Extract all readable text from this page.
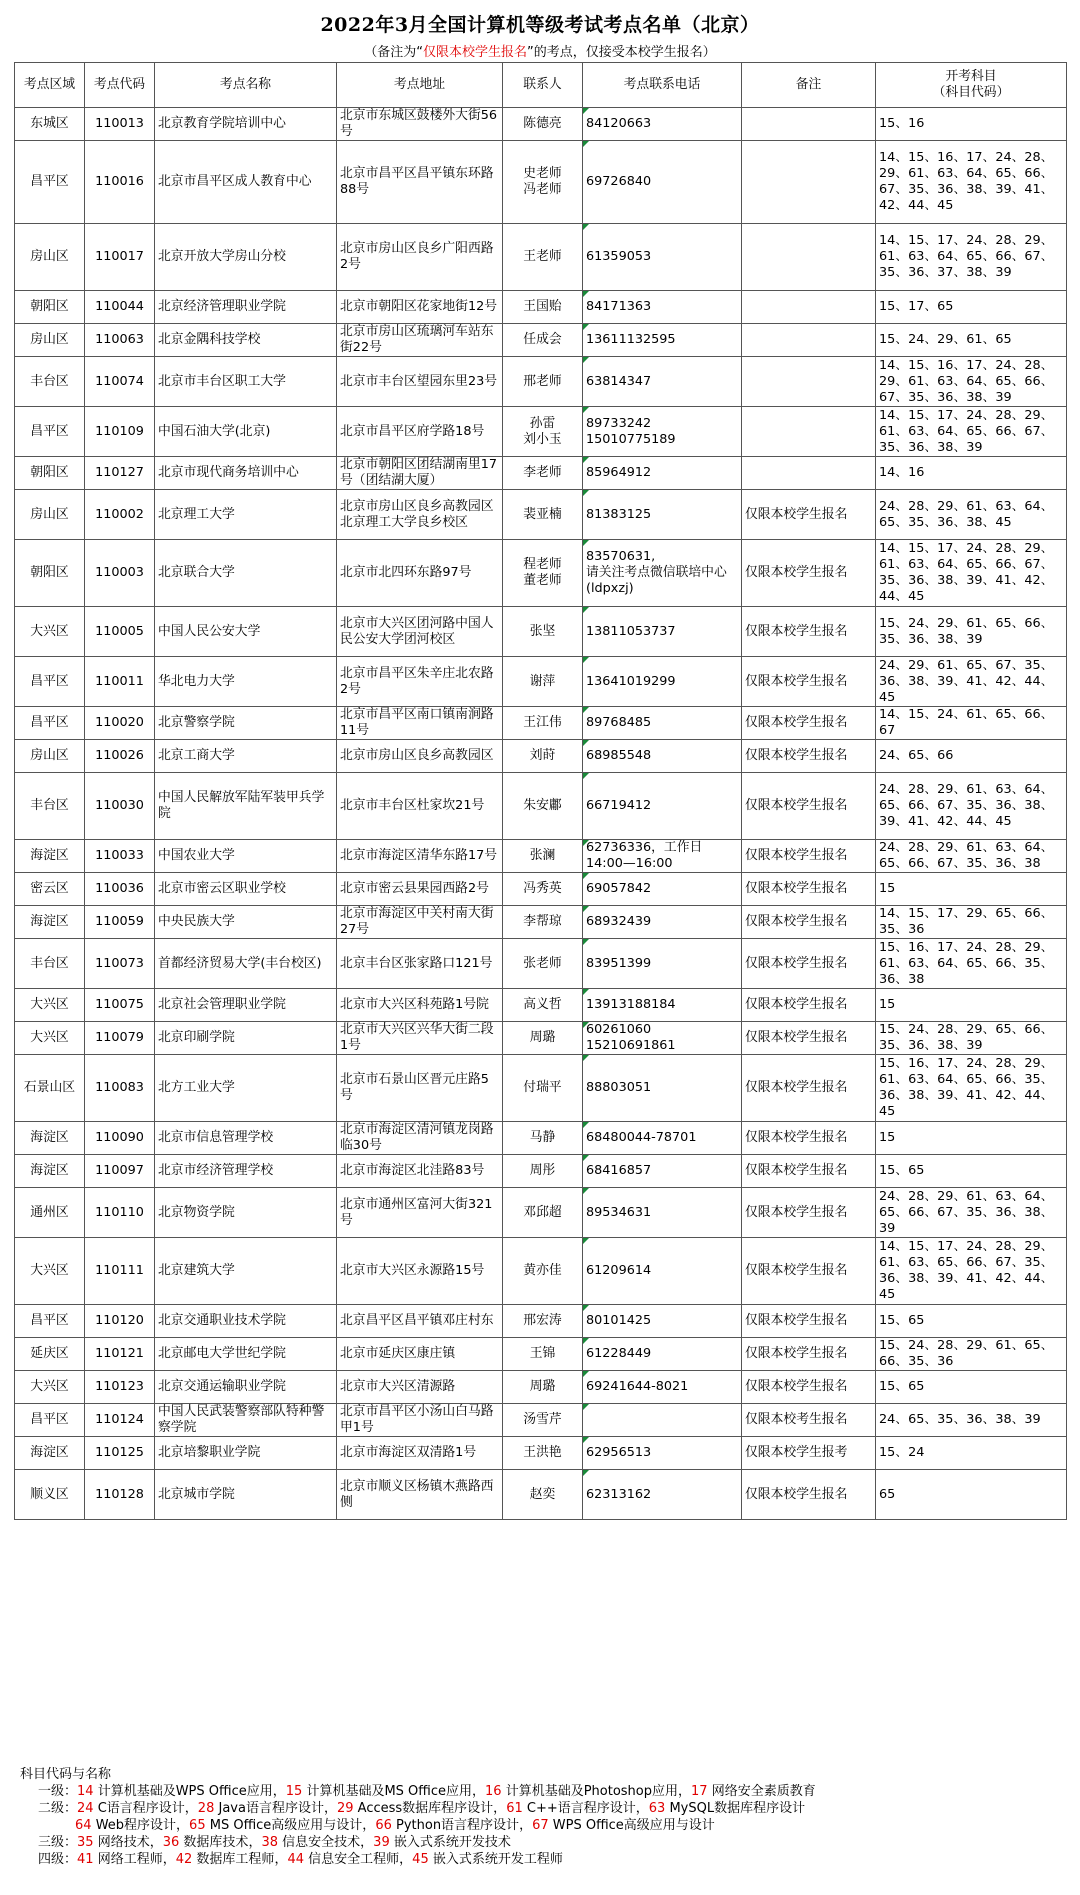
2022年3月全国计算机等级考试考点名单（北京）
（备注为“仅限本校学生报名”的考点，仅接受本校学生报名）
考点区域	考点代码	考点名称	考点地址	联系人	考点联系电话	备注	开考科目
（科目代码）

东城区	110013	北京教育学院培训中心	北京市东城区鼓楼外大街56号	陈德亮	84120663		15、16
昌平区	110016	北京市昌平区成人教育中心	北京市昌平区昌平镇东环路88号	史老师
冯老师	69726840		14、15、16、17、24、28、29、61、63、64、65、66、67、35、36、38、39、41、42、44、45
房山区	110017	北京开放大学房山分校	北京市房山区良乡广阳西路2号	王老师	61359053		14、15、17、24、28、29、61、63、64、65、66、67、35、36、37、38、39
朝阳区	110044	北京经济管理职业学院	北京市朝阳区花家地街12号	王国贻	84171363		15、17、65
房山区	110063	北京金隅科技学校	北京市房山区琉璃河车站东街22号	任成会	13611132595		15、24、29、61、65
丰台区	110074	北京市丰台区职工大学	北京市丰台区望园东里23号	邢老师	63814347		14、15、16、17、24、28、29、61、63、64、65、66、67、35、36、38、39
昌平区	110109	中国石油大学(北京)	北京市昌平区府学路18号	孙雷
刘小玉	89733242
15010775189		14、15、17、24、28、29、61、63、64、65、66、67、35、36、38、39
朝阳区	110127	北京市现代商务培训中心	北京市朝阳区团结湖南里17号（团结湖大厦）	李老师	85964912		14、16
房山区	110002	北京理工大学	北京市房山区良乡高教园区北京理工大学良乡校区	裴亚楠	81383125	仅限本校学生报名	24、28、29、61、63、64、65、35、36、38、45
朝阳区	110003	北京联合大学	北京市北四环东路97号	程老师
董老师	83570631,
请关注考点微信联培中心(ldpxzj)	仅限本校学生报名	14、15、17、24、28、29、61、63、64、65、66、67、35、36、38、39、41、42、44、45
大兴区	110005	中国人民公安大学	北京市大兴区团河路中国人民公安大学团河校区	张坚	13811053737	仅限本校学生报名	15、24、29、61、65、66、35、36、38、39
昌平区	110011	华北电力大学	北京市昌平区朱辛庄北农路2号	谢萍	13641019299	仅限本校学生报名	24、29、61、65、67、35、36、38、39、41、42、44、45
昌平区	110020	北京警察学院	北京市昌平区南口镇南涧路11号	王江伟	89768485	仅限本校学生报名	14、15、24、61、65、66、67
房山区	110026	北京工商大学	北京市房山区良乡高教园区	刘莳	68985548	仅限本校学生报名	24、65、66
丰台区	110030	中国人民解放军陆军装甲兵学院	北京市丰台区杜家坎21号	朱安鄘	66719412	仅限本校学生报名	24、28、29、61、63、64、65、66、67、35、36、38、39、41、42、44、45
海淀区	110033	中国农业大学	北京市海淀区清华东路17号	张澜	62736336，工作日
14:00—16:00	仅限本校学生报名	24、28、29、61、63、64、65、66、67、35、36、38
密云区	110036	北京市密云区职业学校	北京市密云县果园西路2号	冯秀英	69057842	仅限本校学生报名	15
海淀区	110059	中央民族大学	北京市海淀区中关村南大街27号	李帮琼	68932439	仅限本校学生报名	14、15、17、29、65、66、35、36
丰台区	110073	首都经济贸易大学(丰台校区)	北京丰台区张家路口121号	张老师	83951399	仅限本校学生报名	15、16、17、24、28、29、61、63、64、65、66、35、36、38
大兴区	110075	北京社会管理职业学院	北京市大兴区科苑路1号院	高义哲	13913188184	仅限本校学生报名	15
大兴区	110079	北京印刷学院	北京市大兴区兴华大街二段1号	周璐	60261060
15210691861	仅限本校学生报名	15、24、28、29、65、66、35、36、38、39
石景山区	110083	北方工业大学	北京市石景山区晋元庄路5号	付瑞平	88803051	仅限本校学生报名	15、16、17、24、28、29、61、63、64、65、66、35、36、38、39、41、42、44、45
海淀区	110090	北京市信息管理学校	北京市海淀区清河镇龙岗路临30号	马静	68480044-78701	仅限本校学生报名	15
海淀区	110097	北京市经济管理学校	北京市海淀区北洼路83号	周彤	68416857	仅限本校学生报名	15、65
通州区	110110	北京物资学院	北京市通州区富河大街321号	邓邱超	89534631	仅限本校学生报名	24、28、29、61、63、64、65、66、67、35、36、38、39
大兴区	110111	北京建筑大学	北京市大兴区永源路15号	黄亦佳	61209614	仅限本校学生报名	14、15、17、24、28、29、61、63、65、66、67、35、36、38、39、41、42、44、45
昌平区	110120	北京交通职业技术学院	北京昌平区昌平镇邓庄村东	邢宏涛	80101425	仅限本校学生报名	15、65
延庆区	110121	北京邮电大学世纪学院	北京市延庆区康庄镇	王锦	61228449	仅限本校学生报名	15、24、28、29、61、65、66、35、36
大兴区	110123	北京交通运输职业学院	北京市大兴区清源路	周璐	69241644-8021	仅限本校学生报名	15、65
昌平区	110124	中国人民武装警察部队特种警察学院	北京市昌平区小汤山白马路甲1号	汤雪芹		仅限本校考生报名	24、65、35、36、38、39
海淀区	110125	北京培黎职业学院	北京市海淀区双清路1号	王洪艳	62956513	仅限本校学生报考	15、24
顺义区	110128	北京城市学院	北京市顺义区杨镇木燕路西侧	赵奕	62313162	仅限本校学生报名	65
科目代码与名称
一级：14 计算机基础及WPS Office应用，15 计算机基础及MS Office应用，16 计算机基础及Photoshop应用，17 网络安全素质教育
二级：24 C语言程序设计，28 Java语言程序设计，29 Access数据库程序设计，61 C++语言程序设计，63 MySQL数据库程序设计
64 Web程序设计，65 MS Office高级应用与设计，66 Python语言程序设计，67 WPS Office高级应用与设计
三级：35 网络技术，36 数据库技术，38 信息安全技术，39 嵌入式系统开发技术
四级：41 网络工程师，42 数据库工程师，44 信息安全工程师，45 嵌入式系统开发工程师
